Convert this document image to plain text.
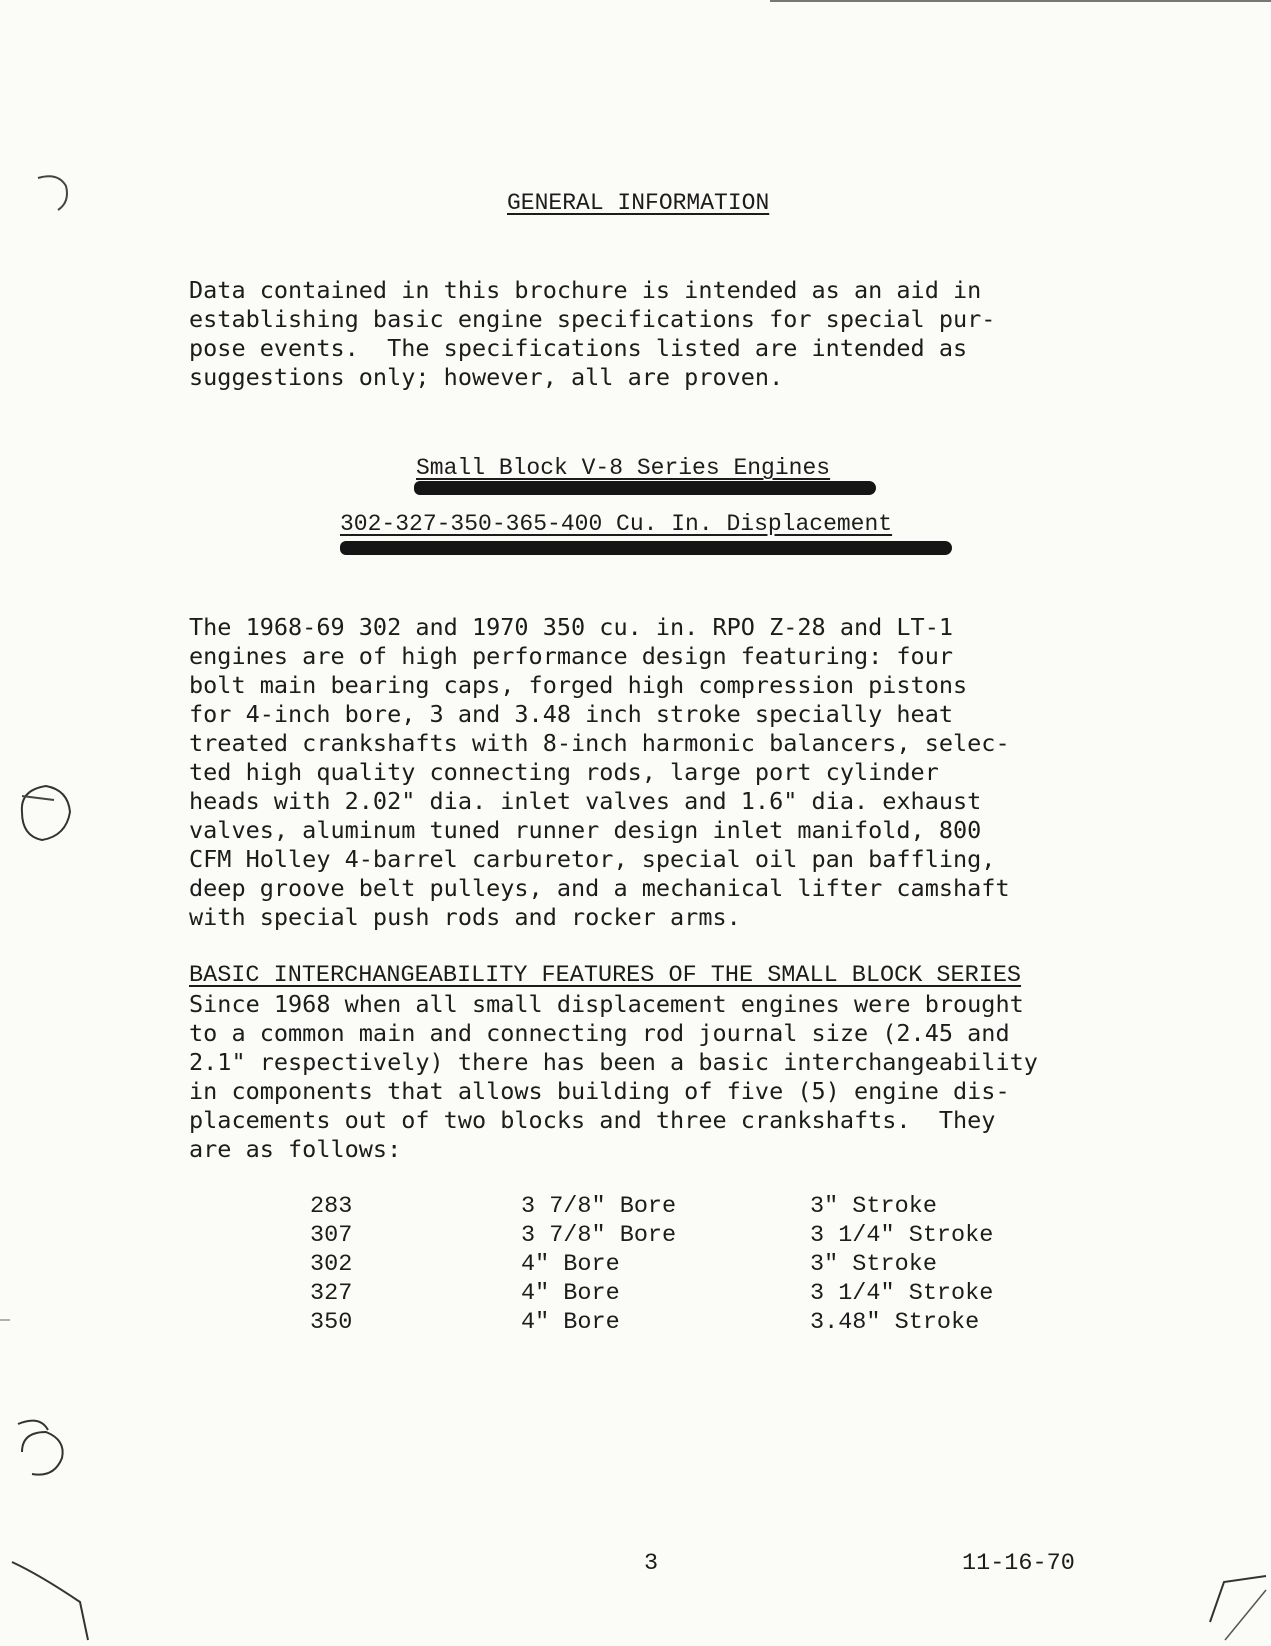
GENERAL INFORMATION
Data contained in this brochure is intended as an aid in
establishing basic engine specifications for special pur-
pose events.  The specifications listed are intended as
suggestions only; however, all are proven.
Small Block V-8 Series Engines
302-327-350-365-400 Cu. In. Displacement
The 1968-69 302 and 1970 350 cu. in. RPO Z-28 and LT-1
engines are of high performance design featuring: four
bolt main bearing caps, forged high compression pistons
for 4-inch bore, 3 and 3.48 inch stroke specially heat
treated crankshafts with 8-inch harmonic balancers, selec-
ted high quality connecting rods, large port cylinder
heads with 2.02" dia. inlet valves and 1.6" dia. exhaust
valves, aluminum tuned runner design inlet manifold, 800
CFM Holley 4-barrel carburetor, special oil pan baffling,
deep groove belt pulleys, and a mechanical lifter camshaft
with special push rods and rocker arms.
BASIC INTERCHANGEABILITY FEATURES OF THE SMALL BLOCK SERIES
Since 1968 when all small displacement engines were brought
to a common main and connecting rod journal size (2.45 and
2.1" respectively) there has been a basic interchangeability
in components that allows building of five (5) engine dis-
placements out of two blocks and three crankshafts.  They
are as follows:
283	3 7/8" Bore	3" Stroke
307	3 7/8" Bore	3 1/4" Stroke
302	4" Bore	3" Stroke
327	4" Bore	3 1/4" Stroke
350	4" Bore	3.48" Stroke
3	11-16-70
